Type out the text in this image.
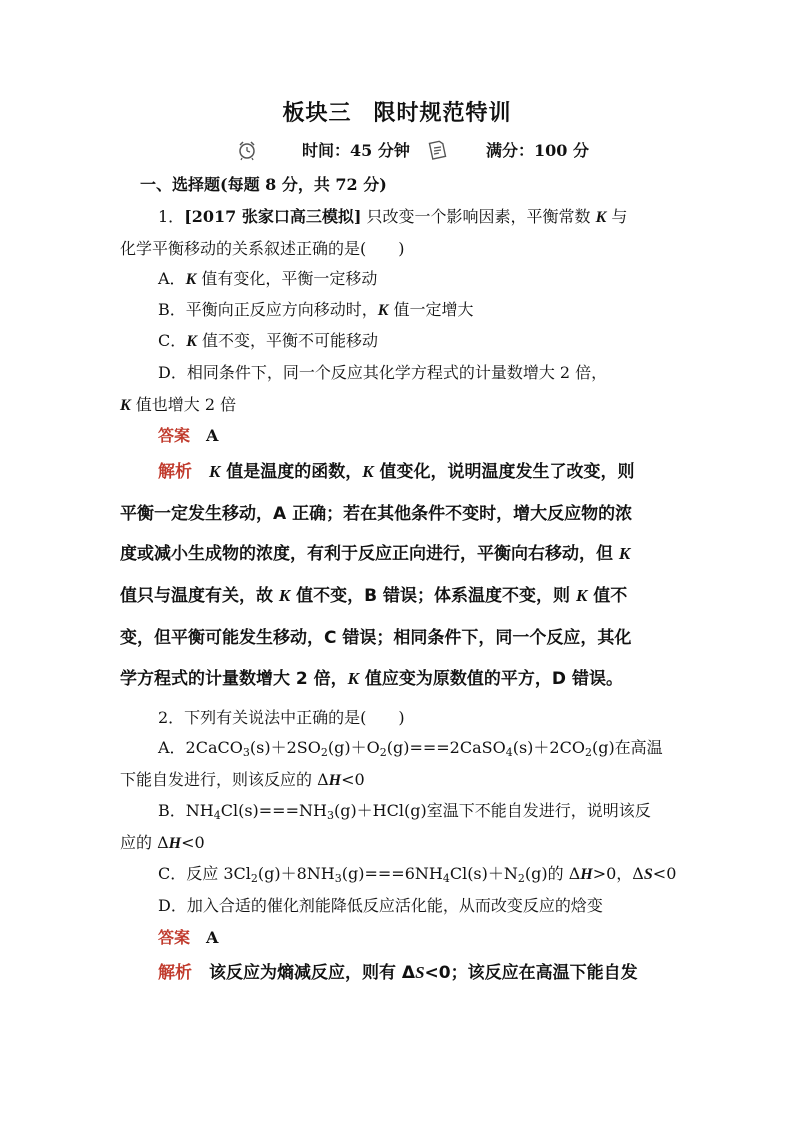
板块三 限时规范特训
时间：45 分钟	满分：100 分
一、选择题(每题 8 分，共 72 分)
1．[2017 张家口高三模拟] 只改变一个影响因素，平衡常数 K 与
化学平衡移动的关系叙述正确的是(　　)
A．K 值有变化，平衡一定移动
B．平衡向正反应方向移动时，K 值一定增大
C．K 值不变，平衡不可能移动
D．相同条件下，同一个反应其化学方程式的计量数增大 2 倍，
K 值也增大 2 倍
答案　 A
解析　 K 值是温度的函数，K 值变化，说明温度发生了改变，则
平衡一定发生移动，A 正确；若在其他条件不变时，增大反应物的浓
度或减小生成物的浓度，有利于反应正向进行，平衡向右移动，但 K
值只与温度有关，故 K 值不变，B 错误；体系温度不变，则 K 值不
变，但平衡可能发生移动，C 错误；相同条件下，同一个反应，其化
学方程式的计量数增大 2 倍，K 值应变为原数值的平方，D 错误。
2．下列有关说法中正确的是(　　)
A．$2CaCO_3(s)+2SO_2(g)+O_2(g)===2CaSO_4(s)+2CO_2(g)$在高温
下能自发进行，则该反应的 ΔH<0
B．$NH_4Cl(s)===NH_3(g)+HCl(g)$室温下不能自发进行，说明该反
应的 ΔH<0
C．反应 $3Cl_2(g)+8NH_3(g)===6NH_4Cl(s)+N_2(g)$的 ΔH>0，ΔS<0
D．加入合适的催化剂能降低反应活化能，从而改变反应的焓变
答案　 A
解析　该反应为熵减反应，则有 ΔS<0；该反应在高温下能自发
